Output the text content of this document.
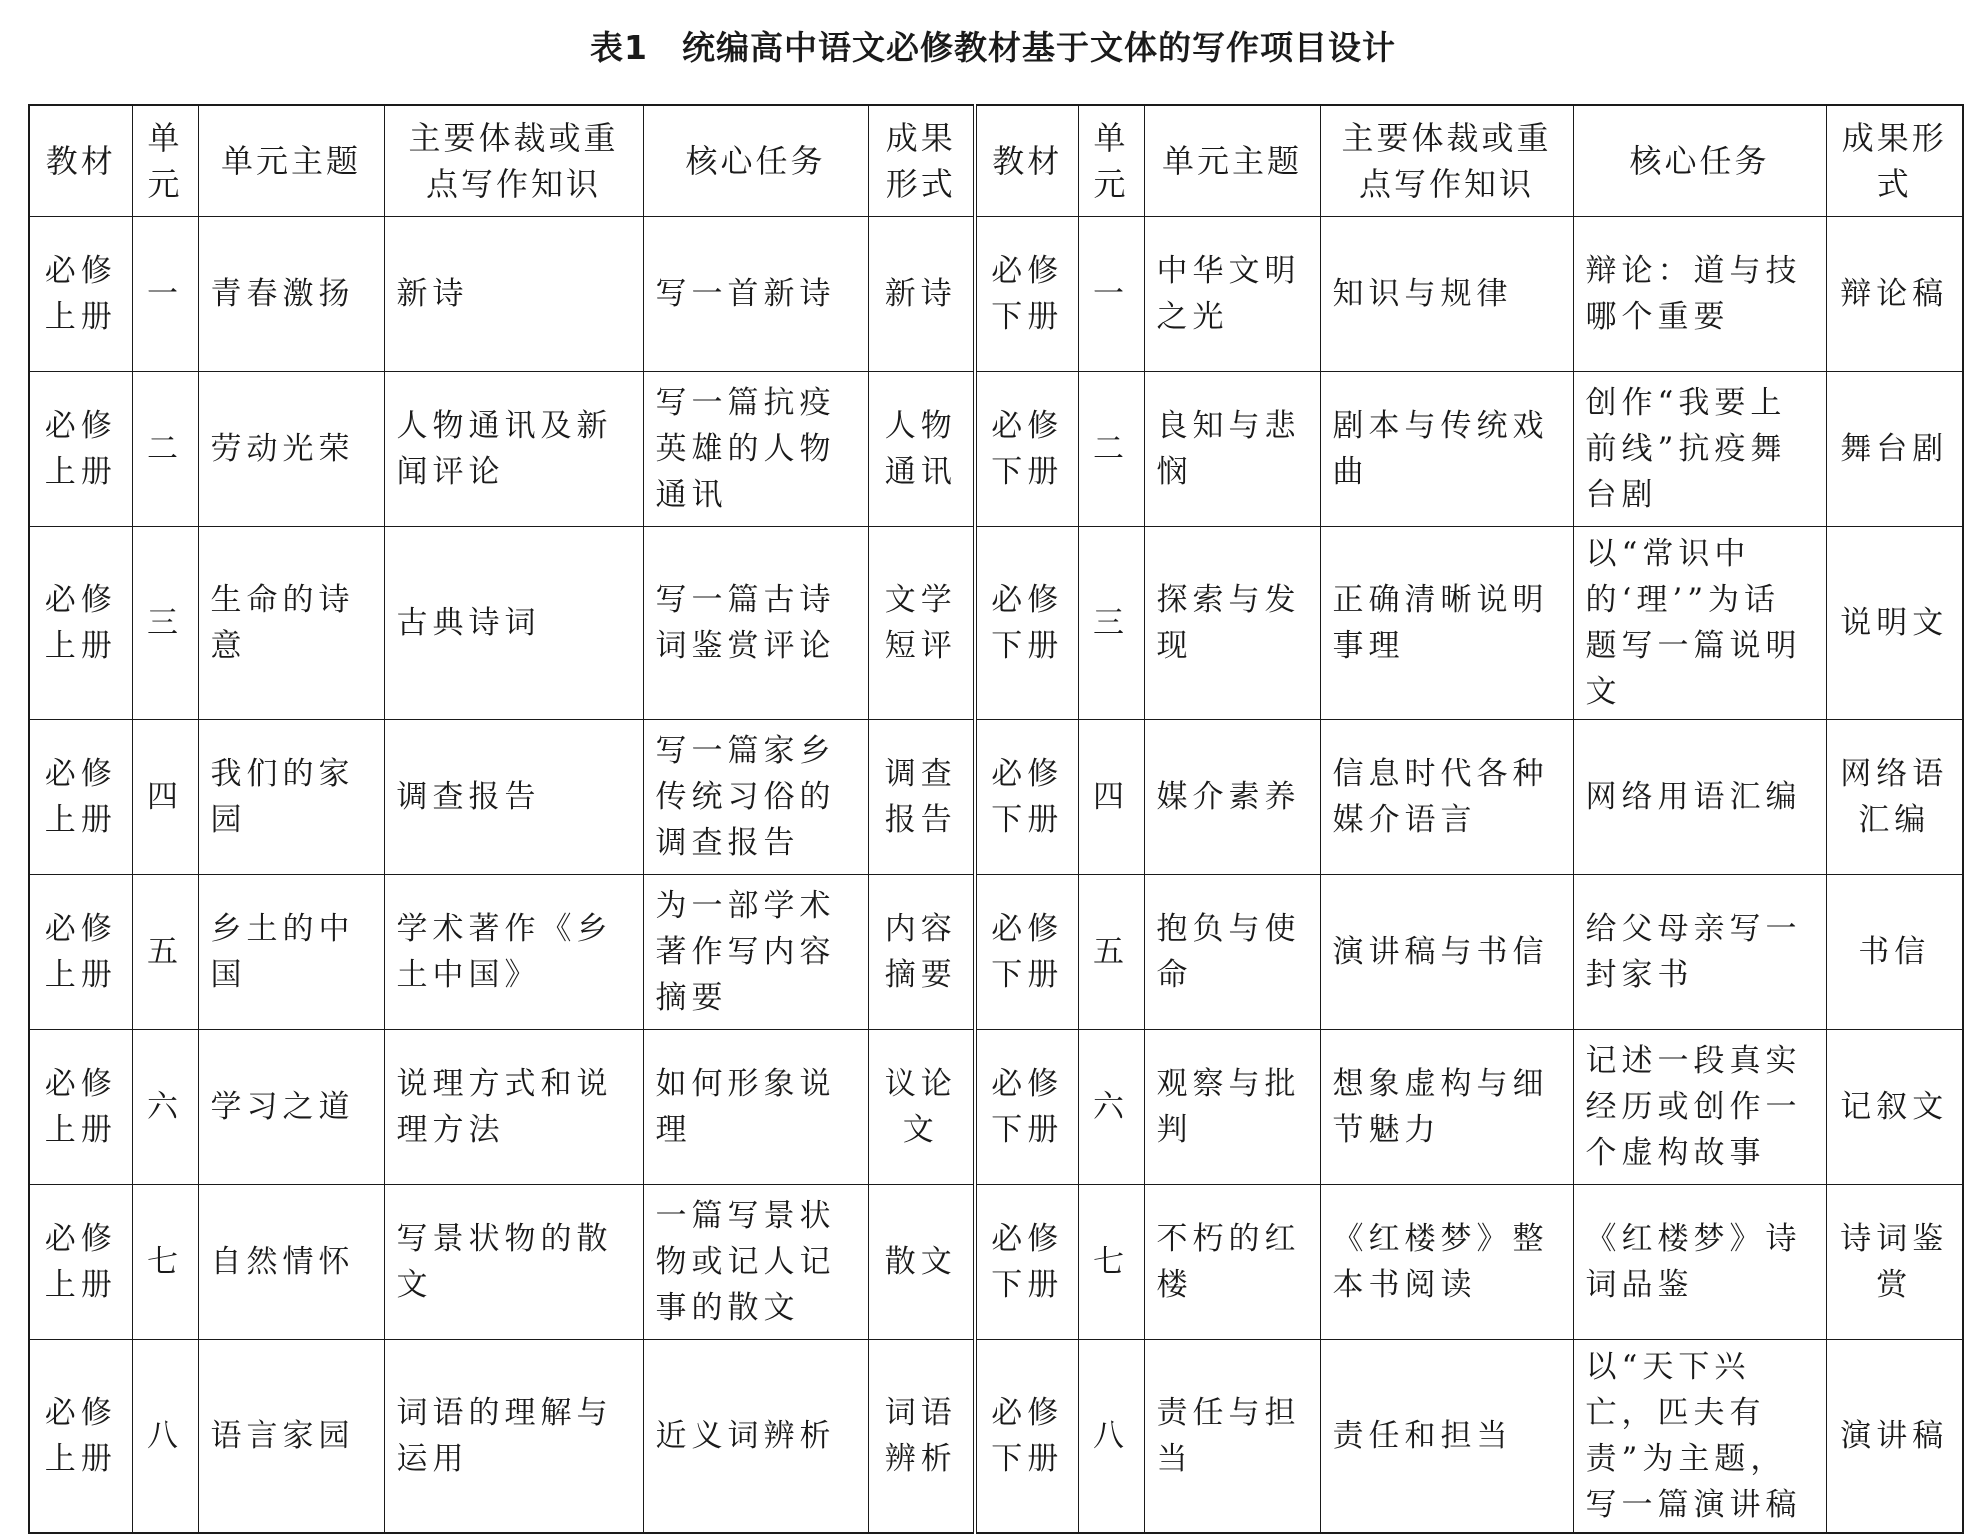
表1　统编高中语文必修教材基于文体的写作项目设计
教材	单元	单元主题	主要体裁或重点写作知识	核心任务	成果形式	教材	单元	单元主题	主要体裁或重点写作知识	核心任务	成果形式
必修上册	一	青春激扬	新诗	写一首新诗	新诗	必修下册	一	中华文明之光	知识与规律	辩论：道与技哪个重要	辩论稿
必修上册	二	劳动光荣	人物通讯及新闻评论	写一篇抗疫英雄的人物通讯	人物通讯	必修下册	二	良知与悲悯	剧本与传统戏曲	创作“我要上前线”抗疫舞台剧	舞台剧
必修上册	三	生命的诗意	古典诗词	写一篇古诗词鉴赏评论	文学短评	必修下册	三	探索与发现	正确清晰说明事理	以“常识中的‘理’”为话题写一篇说明文	说明文
必修上册	四	我们的家园	调查报告	写一篇家乡传统习俗的调查报告	调查报告	必修下册	四	媒介素养	信息时代各种媒介语言	网络用语汇编	网络语汇编
必修上册	五	乡土的中国	学术著作《乡土中国》	为一部学术著作写内容摘要	内容摘要	必修下册	五	抱负与使命	演讲稿与书信	给父母亲写一封家书	书信
必修上册	六	学习之道	说理方式和说理方法	如何形象说理	议论文	必修下册	六	观察与批判	想象虚构与细节魅力	记述一段真实经历或创作一个虚构故事	记叙文
必修上册	七	自然情怀	写景状物的散文	一篇写景状物或记人记事的散文	散文	必修下册	七	不朽的红楼	《红楼梦》整本书阅读	《红楼梦》诗词品鉴	诗词鉴赏
必修上册	八	语言家园	词语的理解与运用	近义词辨析	词语辨析	必修下册	八	责任与担当	责任和担当	以“天下兴亡，匹夫有责”为主题，写一篇演讲稿	演讲稿
